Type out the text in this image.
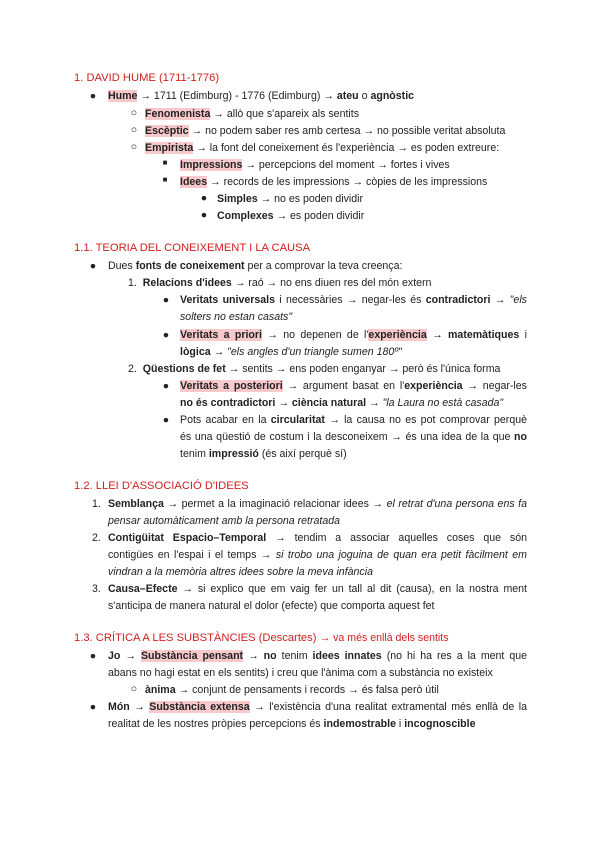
1. DAVID HUME (1711-1776)
● Hume → 1711 (Edimburg) - 1776 (Edimburg) → ateu o agnòstic
○ Fenomenista → allò que s'apareix als sentits
○ Escèptic → no podem saber res amb certesa → no possible veritat absoluta
○ Empirista → la font del coneixement és l'experiència → es poden extreure:
■ Impressions → percepcions del moment → fortes i vives
■ Idees → records de les impressions → còpies de les impressions
● Simples → no es poden dividir
● Complexes → es poden dividir
1.1. TEORIA DEL CONEIXEMENT I LA CAUSA
● Dues fonts de coneixement per a comprovar la teva creença:
1. Relacions d'idees → raó → no ens diuen res del món extern
● Veritats universals i necessàries → negar-les és contradictori → "els
solters no estan casats"
● Veritats a priori → no depenen de l'experiència → matemàtiques i
lògica → "els angles d'un triangle sumen 180º"
2. Qüestions de fet → sentits → ens poden enganyar → però és l'única forma
● Veritats a posteriori → argument basat en l'experiència → negar-les
no és contradictori → ciència natural → "la Laura no està casada"
● Pots acabar en la circularitat → la causa no es pot comprovar perquè
és una qüestió de costum i la desconeixem → és una idea de la que no
tenim impressió (és així perquè sí)
1.2. LLEI D'ASSOCIACIÓ D'IDEES
1. Semblança → permet a la imaginació relacionar idees → el retrat d'una persona ens fa
pensar automàticament amb la persona retratada
2. Contigüitat Espacio–Temporal → tendim a associar aquelles coses que són
contigües en l'espai i el temps → si trobo una joguina de quan era petit fàcilment em
vindran a la memòria altres idees sobre la meva infància
3. Causa–Efecte → si explico que em vaig fer un tall al dit (causa), en la nostra ment
s'anticipa de manera natural el dolor (efecte) que comporta aquest fet
1.3. CRÍTICA A LES SUBSTÀNCIES (Descartes) → va més enllà dels sentits
● Jo → Substància pensant → no tenim idees innates (no hi ha res a la ment que
abans no hagi estat en els sentits) i creu que l'ànima com a substància no existeix
○ ànima → conjunt de pensaments i records → és falsa però útil
● Món → Substància extensa → l'existència d'una realitat extramental més enllà de la
realitat de les nostres pròpies percepcions és indemostrable i incognoscible
